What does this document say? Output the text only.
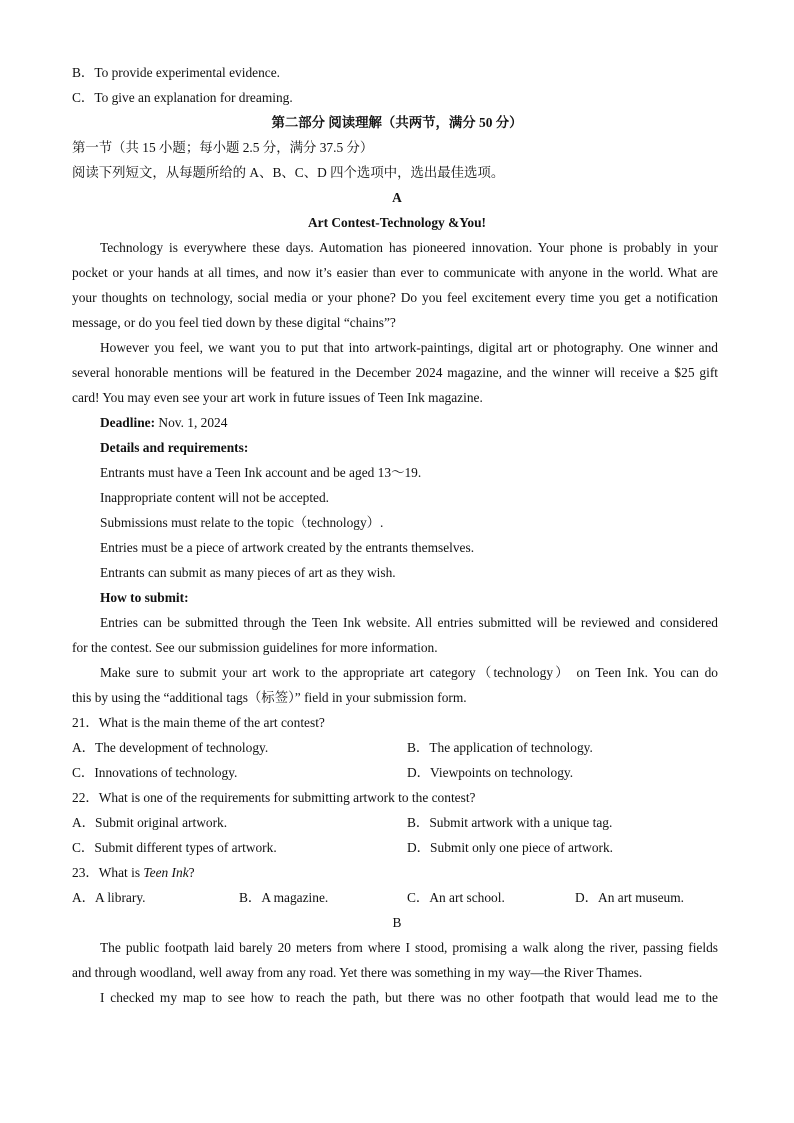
B．To provide experimental evidence.
C．To give an explanation for dreaming.
第二部分 阅读理解（共两节，满分 50 分）
第一节（共 15 小题；每小题 2.5 分，满分 37.5 分）
阅读下列短文，从每题所给的 A、B、C、D 四个选项中，选出最佳选项。
A
Art Contest-Technology &You!
Technology is everywhere these days. Automation has pioneered innovation. Your phone is probably in your
pocket or your hands at all times, and now it’s easier than ever to communicate with anyone in the world. What are
your thoughts on technology, social media or your phone? Do you feel excitement every time you get a notification
message, or do you feel tied down by these digital “chains”?
However you feel, we want you to put that into artwork-paintings, digital art or photography. One winner and
several honorable mentions will be featured in the December 2024 magazine, and the winner will receive a $25 gift
card! You may even see your art work in future issues of Teen Ink magazine.
Deadline: Nov. 1, 2024
Details and requirements:
Entrants must have a Teen Ink account and be aged 13～19.
Inappropriate content will not be accepted.
Submissions must relate to the topic（technology）.
Entries must be a piece of artwork created by the entrants themselves.
Entrants can submit as many pieces of art as they wish.
How to submit:
Entries can be submitted through the Teen Ink website. All entries submitted will be reviewed and considered
for the contest. See our submission guidelines for more information.
Make sure to submit your art work to the appropriate art category（technology） on Teen Ink. You can do
this by using the “additional tags（标签）” field in your submission form.
21．What is the main theme of the art contest?
A．The development of technology.	B．The application of technology.
C．Innovations of technology.	D．Viewpoints on technology.
22．What is one of the requirements for submitting artwork to the contest?
A．Submit original artwork.	B．Submit artwork with a unique tag.
C．Submit different types of artwork.	D．Submit only one piece of artwork.
23．What is Teen Ink?
A．A library.	B．A magazine.	C．An art school.	D．An art museum.
B
The public footpath laid barely 20 meters from where I stood, promising a walk along the river, passing fields
and through woodland, well away from any road. Yet there was something in my way—the River Thames.
I checked my map to see how to reach the path, but there was no other footpath that would lead me to the
